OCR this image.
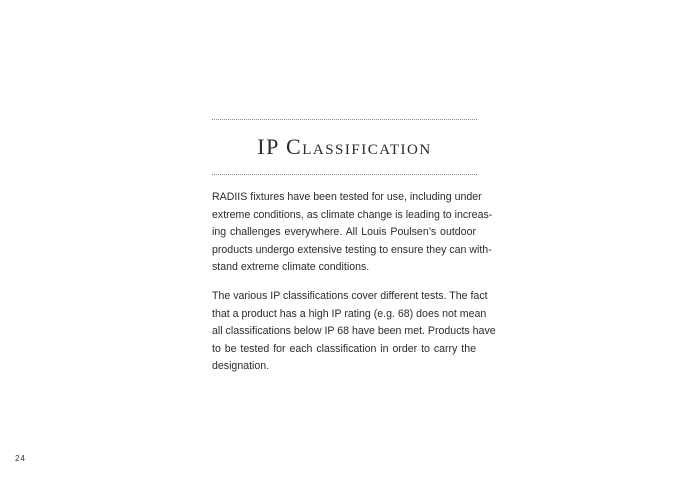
IP Classification

RADIIS fixtures have been tested for use, including under
extreme conditions, as climate change is leading to increas-
ing challenges everywhere. All Louis Poulsen’s outdoor
products undergo extensive testing to ensure they can with-
stand extreme climate conditions.

The various IP classifications cover different tests. The fact
that a product has a high IP rating (e.g. 68) does not mean
all classifications below IP 68 have been met. Products have
to be tested for each classification in order to carry the
designation.

24
